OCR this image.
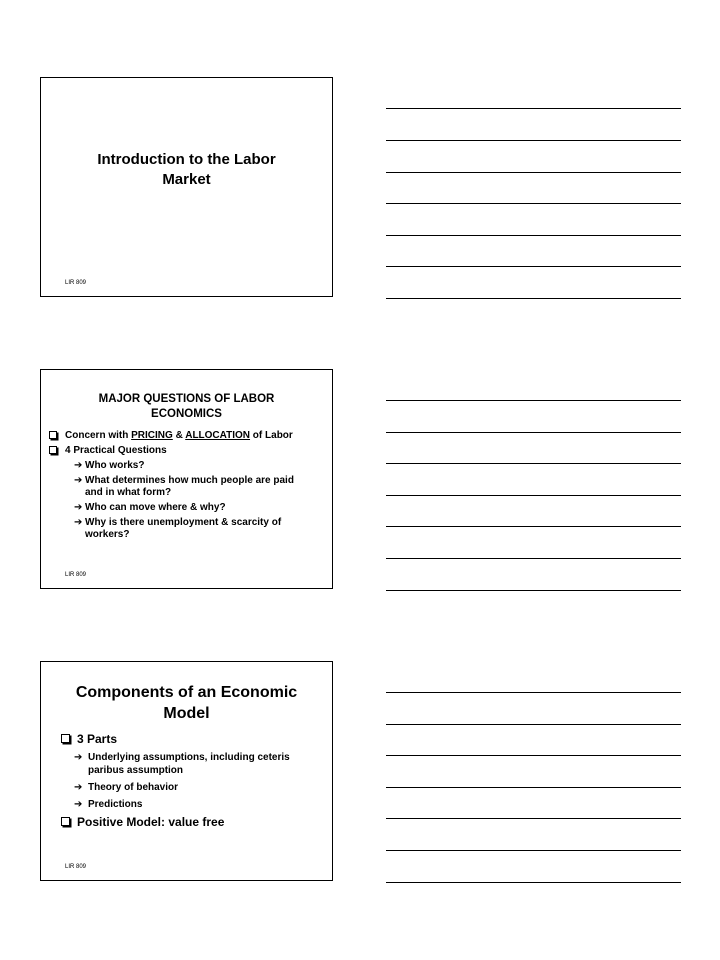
Introduction to the Labor Market
LIR 809
MAJOR QUESTIONS OF LABOR ECONOMICS
Concern with PRICING & ALLOCATION of Labor
4 Practical Questions
➔ Who works?
➔ What determines how much people are paid and in what form?
➔ Who can move where & why?
➔ Why is there unemployment & scarcity of workers?
LIR 809
Components of an Economic Model
3 Parts
➔ Underlying assumptions, including ceteris paribus assumption
➔ Theory of behavior
➔ Predictions
Positive Model: value free
LIR 809
